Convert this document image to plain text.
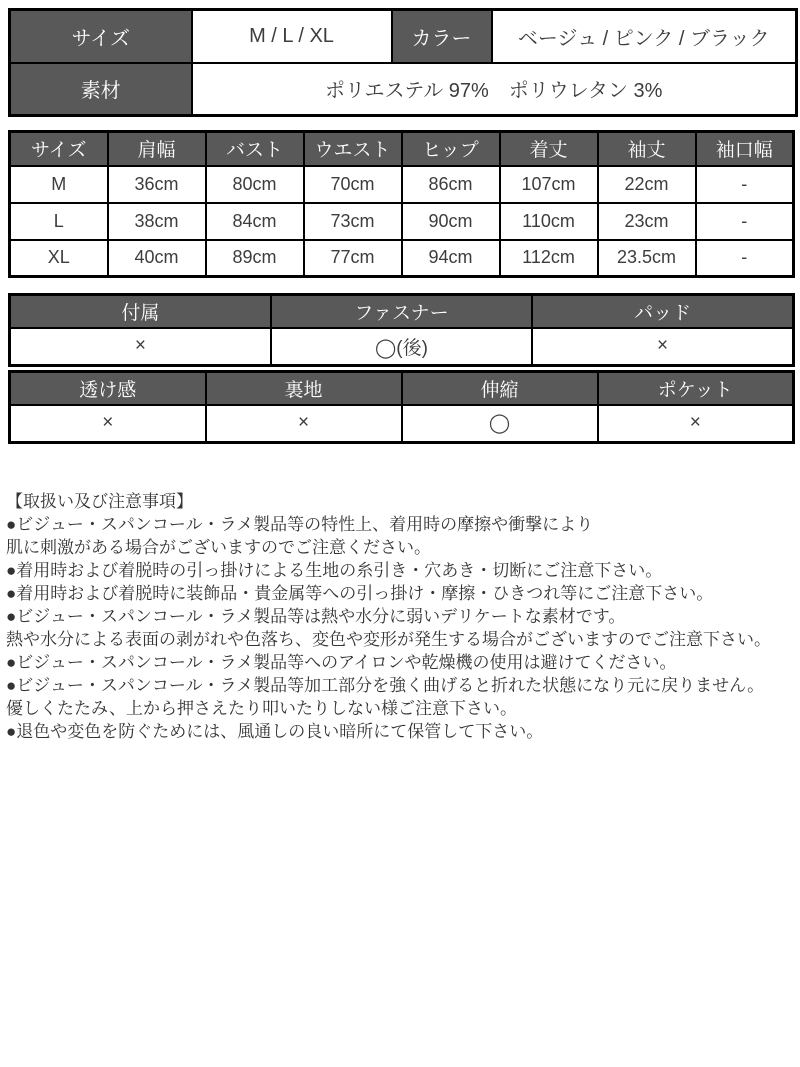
サイズ	M / L / XL	カラー	ベージュ / ピンク / ブラック
素材	ポリエステル 97%　ポリウレタン 3%		
サイズ	肩幅	バスト	ウエスト	ヒップ	着丈	袖丈	袖口幅
M	36cm	80cm	70cm	86cm	107cm	22cm	-
L	38cm	84cm	73cm	90cm	110cm	23cm	-
XL	40cm	89cm	77cm	94cm	112cm	23.5cm	-
付属	ファスナー	パッド
×	◯(後)	×
透け感	裏地	伸縮	ポケット
×	×	◯	×
【取扱い及び注意事項】
●ビジュー・スパンコール・ラメ製品等の特性上、着用時の摩擦や衝撃により
肌に刺激がある場合がございますのでご注意ください。
●着用時および着脱時の引っ掛けによる生地の糸引き・穴あき・切断にご注意下さい。
●着用時および着脱時に装飾品・貴金属等への引っ掛け・摩擦・ひきつれ等にご注意下さい。
●ビジュー・スパンコール・ラメ製品等は熱や水分に弱いデリケートな素材です。
熱や水分による表面の剥がれや色落ち、変色や変形が発生する場合がございますのでご注意下さい。
●ビジュー・スパンコール・ラメ製品等へのアイロンや乾燥機の使用は避けてください。
●ビジュー・スパンコール・ラメ製品等加工部分を強く曲げると折れた状態になり元に戻りません。
優しくたたみ、上から押さえたり叩いたりしない様ご注意下さい。
●退色や変色を防ぐためには、風通しの良い暗所にて保管して下さい。
